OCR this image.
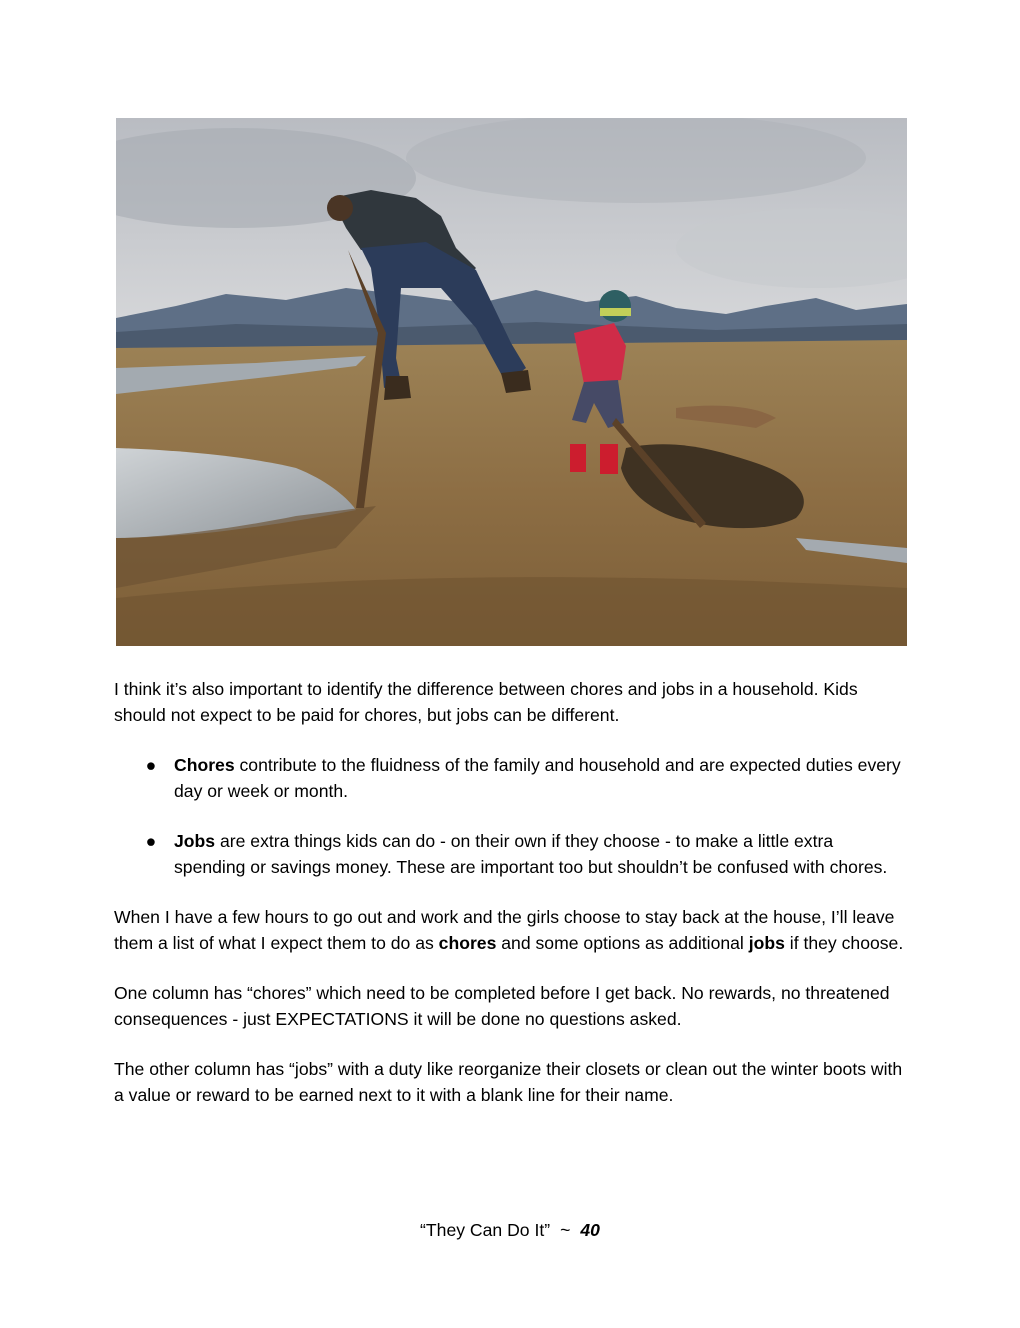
I think it’s also important to identify the difference between chores and jobs in a household. Kids should not expect to be paid for chores, but jobs can be different.

● Chores contribute to the fluidness of the family and household and are expected duties every day or week or month.
● Jobs are extra things kids can do - on their own if they choose - to make a little extra spending or savings money. These are important too but shouldn’t be confused with chores.

When I have a few hours to go out and work and the girls choose to stay back at the house, I’ll leave them a list of what I expect them to do as chores and some options as additional jobs if they choose.

One column has “chores” which need to be completed before I get back. No rewards, no threatened consequences - just EXPECTATIONS it will be done no questions asked.

The other column has “jobs” with a duty like reorganize their closets or clean out the winter boots with a value or reward to be earned next to it with a blank line for their name.

“They Can Do It” ~ 40
